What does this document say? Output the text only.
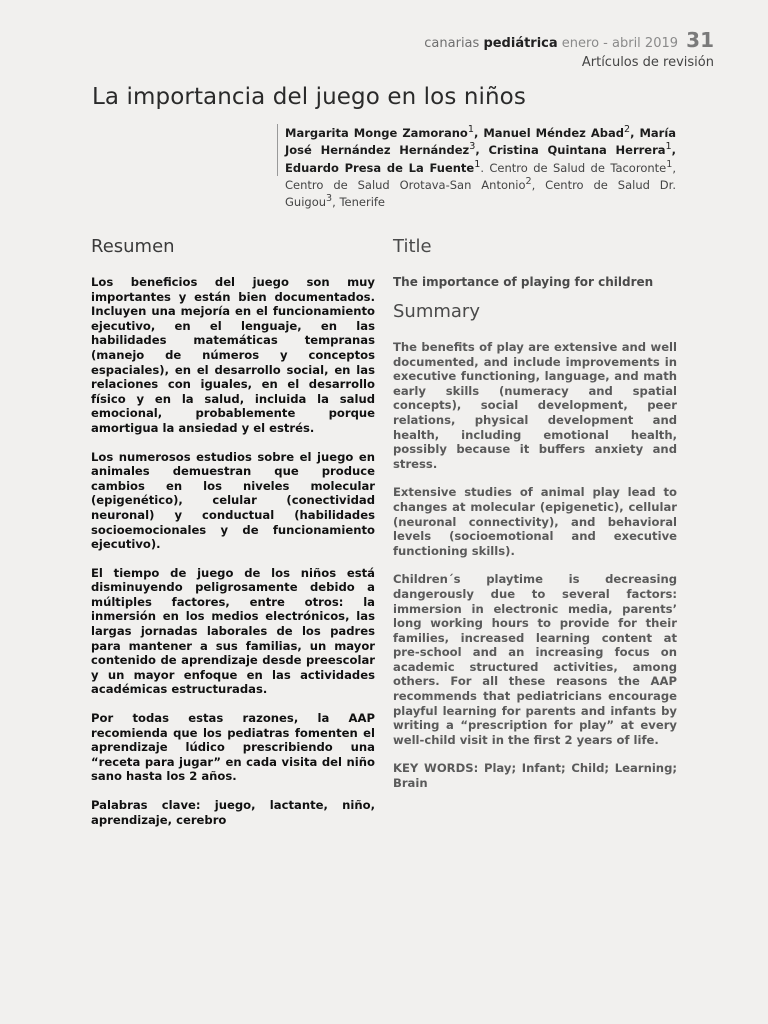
canarias pediátrica enero - abril 2019 31
Artículos de revisión
La importancia del juego en los niños
Margarita Monge Zamorano$^1$, Manuel Méndez Abad$^2$, María José Hernández Hernández$^3$, Cristina Quintana Herrera$^1$, Eduardo Presa de La Fuente$^1$. Centro de Salud de Tacoronte$^1$, Centro de Salud Orotava-San Antonio$^2$, Centro de Salud Dr. Guigou$^3$, Tenerife
Resumen

Los beneficios del juego son muy importantes y están bien documentados. Incluyen una mejoría en el funcionamiento ejecutivo, en el lenguaje, en las habilidades matemáticas tempranas (manejo de números y conceptos espaciales), en el desarrollo social, en las relaciones con iguales, en el desarrollo físico y en la salud, incluida la salud emocional, probablemente porque amortigua la ansiedad y el estrés.

Los numerosos estudios sobre el juego en animales demuestran que produce cambios en los niveles molecular (epigenético), celular (conectividad neuronal) y conductual (habilidades socioemocionales y de funcionamiento ejecutivo).

El tiempo de juego de los niños está disminuyendo peligrosamente debido a múltiples factores, entre otros: la inmersión en los medios electrónicos, las largas jornadas laborales de los padres para mantener a sus familias, un mayor contenido de aprendizaje desde preescolar y un mayor enfoque en las actividades académicas estructuradas.

Por todas estas razones, la AAP recomienda que los pediatras fomenten el aprendizaje lúdico prescribiendo una “receta para jugar” en cada visita del niño sano hasta los 2 años.

Palabras clave: juego, lactante, niño, aprendizaje, cerebro

Title
The importance of playing for children
Summary

The benefits of play are extensive and well documented, and include improvements in executive functioning, language, and math early skills (numeracy and spatial concepts), social development, peer relations, physical development and health, including emotional health, possibly because it buffers anxiety and stress.

Extensive studies of animal play lead to changes at molecular (epigenetic), cellular (neuronal connectivity), and behavioral levels (socioemotional and executive functioning skills).

Children´s playtime is decreasing dangerously due to several factors: immersion in electronic media, parents’ long working hours to provide for their families, increased learning content at pre-school and an increasing focus on academic structured activities, among others. For all these reasons the AAP recommends that pediatricians encourage playful learning for parents and infants by writing a “prescription for play” at every well-child visit in the first 2 years of life.

KEY WORDS: Play; Infant; Child; Learning; Brain
